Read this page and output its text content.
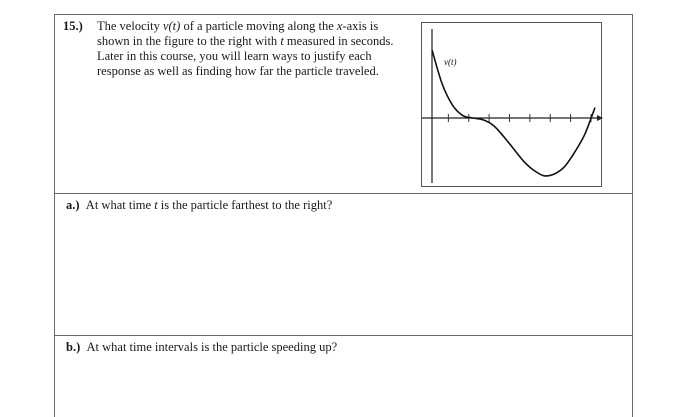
15.) The velocity v(t) of a particle moving along the x-axis is shown in the figure to the right with t measured in seconds. Later in this course, you will learn ways to justify each response as well as finding how far the particle traveled.
v(t)
a.) At what time t is the particle farthest to the right?
b.) At what time intervals is the particle speeding up?
